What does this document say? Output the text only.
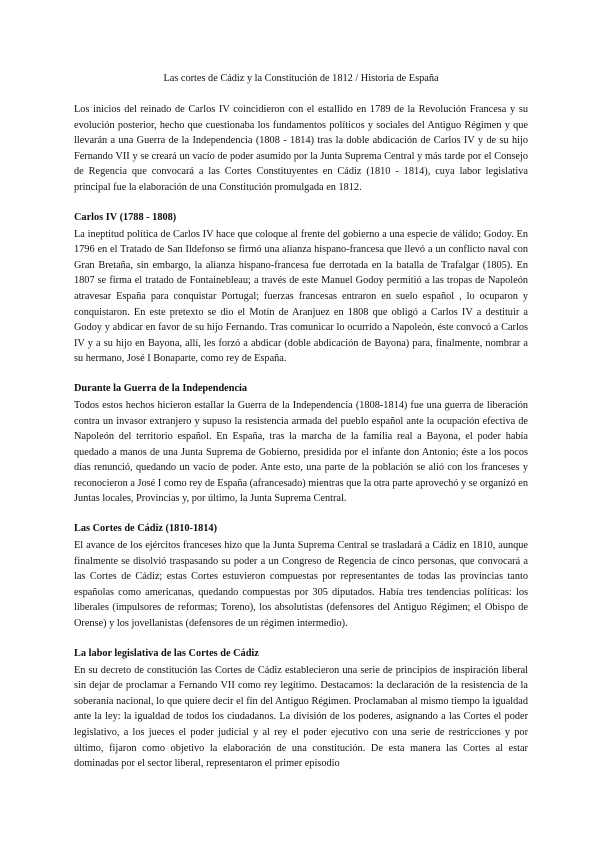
Las cortes de Cádiz y la Constitución de 1812 / Historia de España

Los inicios del reinado de Carlos IV coincidieron con el estallido en 1789 de la Revolución Francesa y su evolución posterior, hecho que cuestionaba los fundamentos políticos y sociales del Antiguo Régimen y que llevarán a una Guerra de la Independencia (1808 - 1814) tras la doble abdicación de Carlos IV y de su hijo Fernando VII y se creará un vacío de poder asumido por la Junta Suprema Central y más tarde por el Consejo de Regencia que convocará a las Cortes Constituyentes en Cádiz (1810 - 1814), cuya labor legislativa principal fue la elaboración de una Constitución promulgada en 1812.

Carlos IV (1788 - 1808)

La ineptitud política de Carlos IV hace que coloque al frente del gobierno a una especie de válido; Godoy. En 1796 en el Tratado de San Ildefonso se firmó una alianza hispano-francesa que llevó a un conflicto naval con Gran Bretaña, sin embargo, la alianza hispano-francesa fue derrotada en la batalla de Trafalgar (1805). En 1807 se firma el tratado de Fontainebleau; a través de este Manuel Godoy permitió a las tropas de Napoleón atravesar España para conquistar Portugal; fuerzas francesas entraron en suelo español , lo ocuparon y conquistaron. En este pretexto se dio el Motín de Aranjuez en 1808 que obligó a Carlos IV a destituir a Godoy y abdicar en favor de su hijo Fernando. Tras comunicar lo ocurrido a Napoleón, éste convocó a Carlos IV y a su hijo en Bayona, allí, les forzó a abdicar (doble abdicación de Bayona) para, finalmente, nombrar a su hermano, José I Bonaparte, como rey de España.

Durante la Guerra de la Independencia

Todos estos hechos hicieron estallar la Guerra de la Independencia (1808-1814) fue una guerra de liberación contra un invasor extranjero y supuso la resistencia armada del pueblo español ante la ocupación efectiva de Napoleón del territorio español. En España, tras la marcha de la familia real a Bayona, el poder había quedado a manos de una Junta Suprema de Gobierno, presidida por el infante don Antonio; éste a los pocos días renunció, quedando un vacío de poder. Ante esto, una parte de la población se alió con los franceses y reconocieron a José I como rey de España (afrancesado) mientras que la otra parte aprovechó y se organizó en Juntas locales, Provincias y, por último, la Junta Suprema Central.

Las Cortes de Cádiz (1810-1814)

El avance de los ejércitos franceses hizo que la Junta Suprema Central se trasladará a Cádiz en 1810, aunque finalmente se disolvió traspasando su poder a un Congreso de Regencia de cinco personas, que convocará a las Cortes de Cádiz; estas Cortes estuvieron compuestas por representantes de todas las provincias tanto españolas como americanas, quedando compuestas por 305 diputados. Había tres tendencias políticas: los liberales (impulsores de reformas; Toreno), los absolutistas (defensores del Antiguo Régimen; el Obispo de Orense) y los jovellanistas (defensores de un régimen intermedio).

La labor legislativa de las Cortes de Cádiz

En su decreto de constitución las Cortes de Cádiz establecieron una serie de principios de inspiración liberal sin dejar de proclamar a Fernando VII como rey legítimo. Destacamos: la declaración de la resistencia de la soberanía nacional, lo que quiere decir el fin del Antiguo Régimen. Proclamaban al mismo tiempo la igualdad ante la ley: la igualdad de todos los ciudadanos. La división de los poderes, asignando a las Cortes el poder legislativo, a los jueces el poder judicial y al rey el poder ejecutivo con una serie de restricciones y por último, fijaron como objetivo la elaboración de una constitución. De esta manera las Cortes al estar dominadas por el sector liberal, representaron el primer episodio
